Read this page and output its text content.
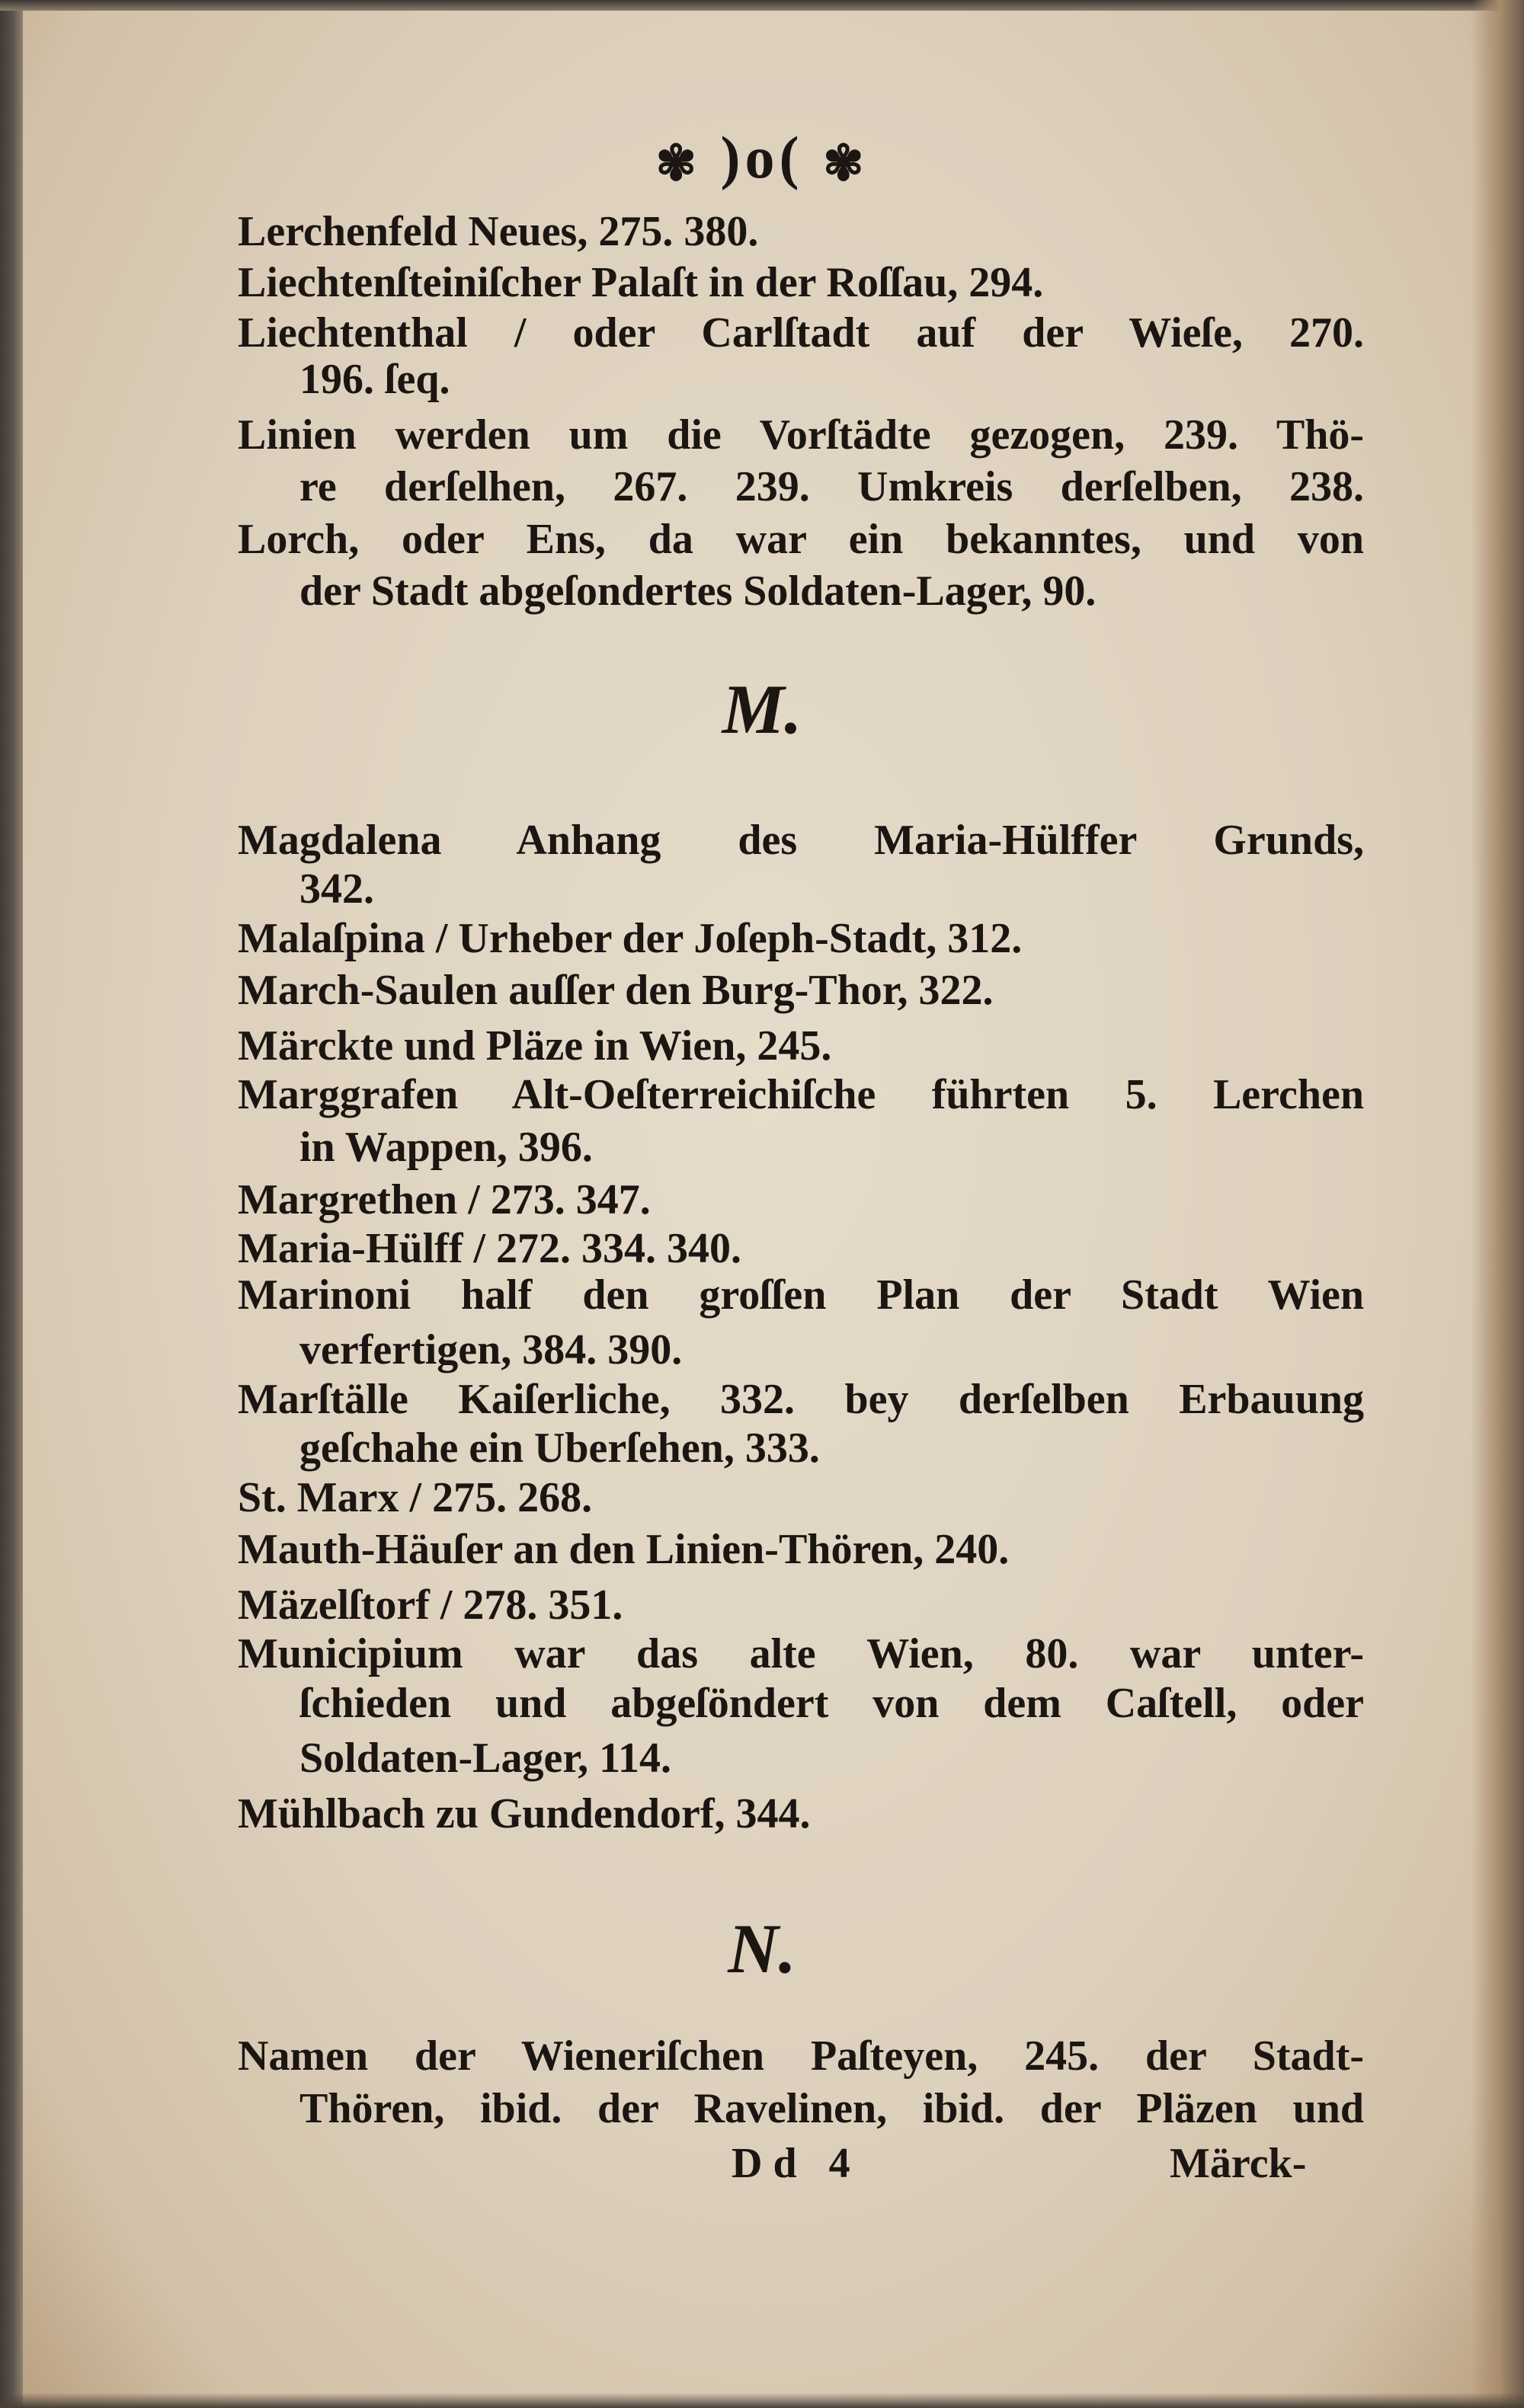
✾ )o( ✾
Lerchenfeld Neues, 275. 380.
Liechtenſteiniſcher Palaſt in der Roſſau, 294.
Liechtenthal / oder Carlſtadt auf der Wieſe, 270.
196. ſeq.
Linien werden um die Vorſtädte gezogen, 239. Thö-
re derſelhen, 267. 239. Umkreis derſelben, 238.
Lorch, oder Ens, da war ein bekanntes, und von
der Stadt abgeſondertes Soldaten-Lager, 90.
M.
Magdalena Anhang des Maria-Hülffer Grunds,
342.
Malaſpina / Urheber der Joſeph-Stadt, 312.
March-Saulen auſſer den Burg-Thor, 322.
Märckte und Pläze in Wien, 245.
Marggrafen Alt-Oeſterreichiſche führten 5. Lerchen
in Wappen, 396.
Margrethen / 273. 347.
Maria-Hülff / 272. 334. 340.
Marinoni half den groſſen Plan der Stadt Wien
verfertigen, 384. 390.
Marſtälle Kaiſerliche, 332. bey derſelben Erbauung
geſchahe ein Uberſehen, 333.
St. Marx / 275. 268.
Mauth-Häuſer an den Linien-Thören, 240.
Mäzelſtorf / 278. 351.
Municipium war das alte Wien, 80. war unter-
ſchieden und abgeſöndert von dem Caſtell, oder
Soldaten-Lager, 114.
Mühlbach zu Gundendorf, 344.
N.
Namen der Wieneriſchen Paſteyen, 245. der Stadt-
Thören, ibid. der Ravelinen, ibid. der Pläzen und
Dd 4	Märck-
